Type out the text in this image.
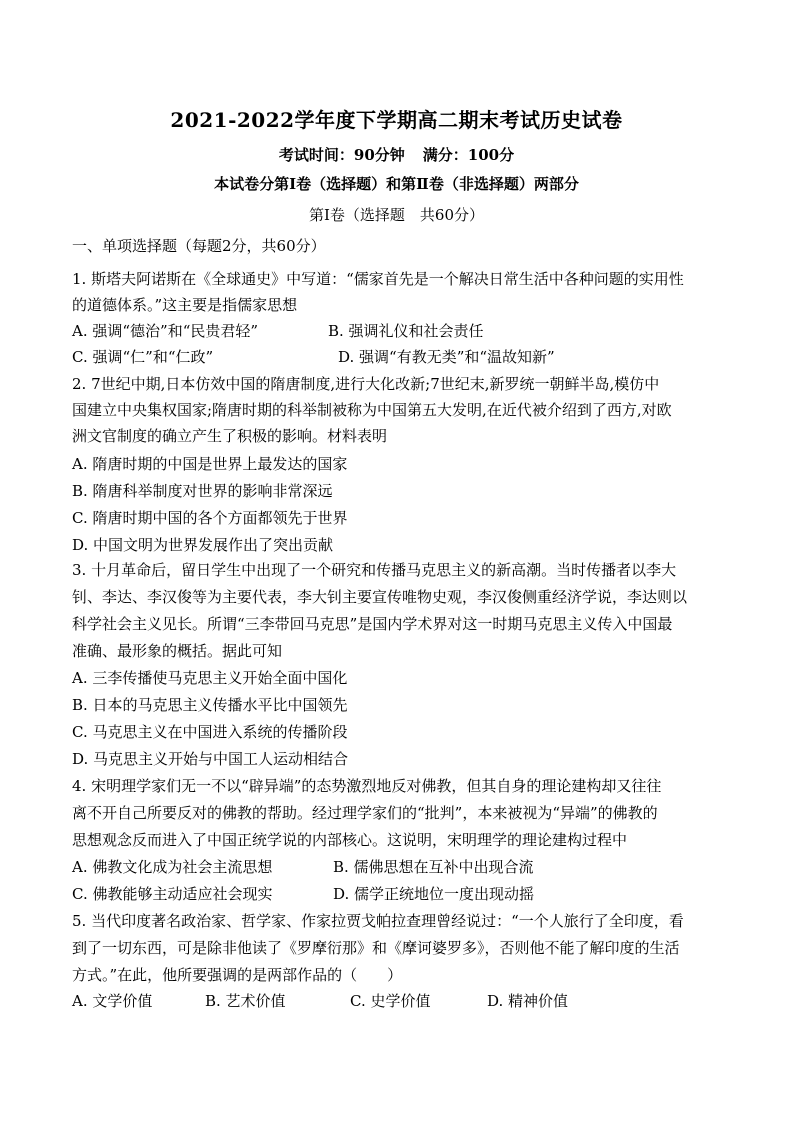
2021-2022学年度下学期高二期末考试历史试卷
考试时间：90分钟 满分：100分
本试卷分第I卷（选择题）和第Ⅱ卷（非选择题）两部分
第I卷（选择题　共60分）
一、单项选择题（每题2分，共60分）
1. 斯塔夫阿诺斯在《全球通史》中写道：“儒家首先是一个解决日常生活中各种问题的实用性
的道德体系。”这主要是指儒家思想
A. 强调“德治”和“民贵君轻”	B. 强调礼仪和社会责任
C. 强调“仁”和“仁政”	D. 强调“有教无类”和“温故知新”
2. 7世纪中期,日本仿效中国的隋唐制度,进行大化改新;7世纪末,新罗统一朝鲜半岛,模仿中
国建立中央集权国家;隋唐时期的科举制被称为中国第五大发明,在近代被介绍到了西方,对欧
洲文官制度的确立产生了积极的影响。材料表明
A. 隋唐时期的中国是世界上最发达的国家
B. 隋唐科举制度对世界的影响非常深远
C. 隋唐时期中国的各个方面都领先于世界
D. 中国文明为世界发展作出了突出贡献
3. 十月革命后，留日学生中出现了一个研究和传播马克思主义的新高潮。当时传播者以李大
钊、李达、李汉俊等为主要代表，李大钊主要宣传唯物史观，李汉俊侧重经济学说，李达则以
科学社会主义见长。所谓“三李带回马克思”是国内学术界对这一时期马克思主义传入中国最
准确、最形象的概括。据此可知
A. 三李传播使马克思主义开始全面中国化
B. 日本的马克思主义传播水平比中国领先
C. 马克思主义在中国进入系统的传播阶段
D. 马克思主义开始与中国工人运动相结合
4. 宋明理学家们无一不以“辟异端”的态势激烈地反对佛教，但其自身的理论建构却又往往
离不开自己所要反对的佛教的帮助。经过理学家们的“批判”，本来被视为“异端”的佛教的
思想观念反而进入了中国正统学说的内部核心。这说明，宋明理学的理论建构过程中
A. 佛教文化成为社会主流思想	B. 儒佛思想在互补中出现合流
C. 佛教能够主动适应社会现实	D. 儒学正统地位一度出现动摇
5. 当代印度著名政治家、哲学家、作家拉贾戈帕拉查理曾经说过：“一个人旅行了全印度，看
到了一切东西，可是除非他读了《罗摩衍那》和《摩诃婆罗多》，否则他不能了解印度的生活
方式。”在此，他所要强调的是两部作品的（　　）
A. 文学价值	B. 艺术价值	C. 史学价值	D. 精神价值
